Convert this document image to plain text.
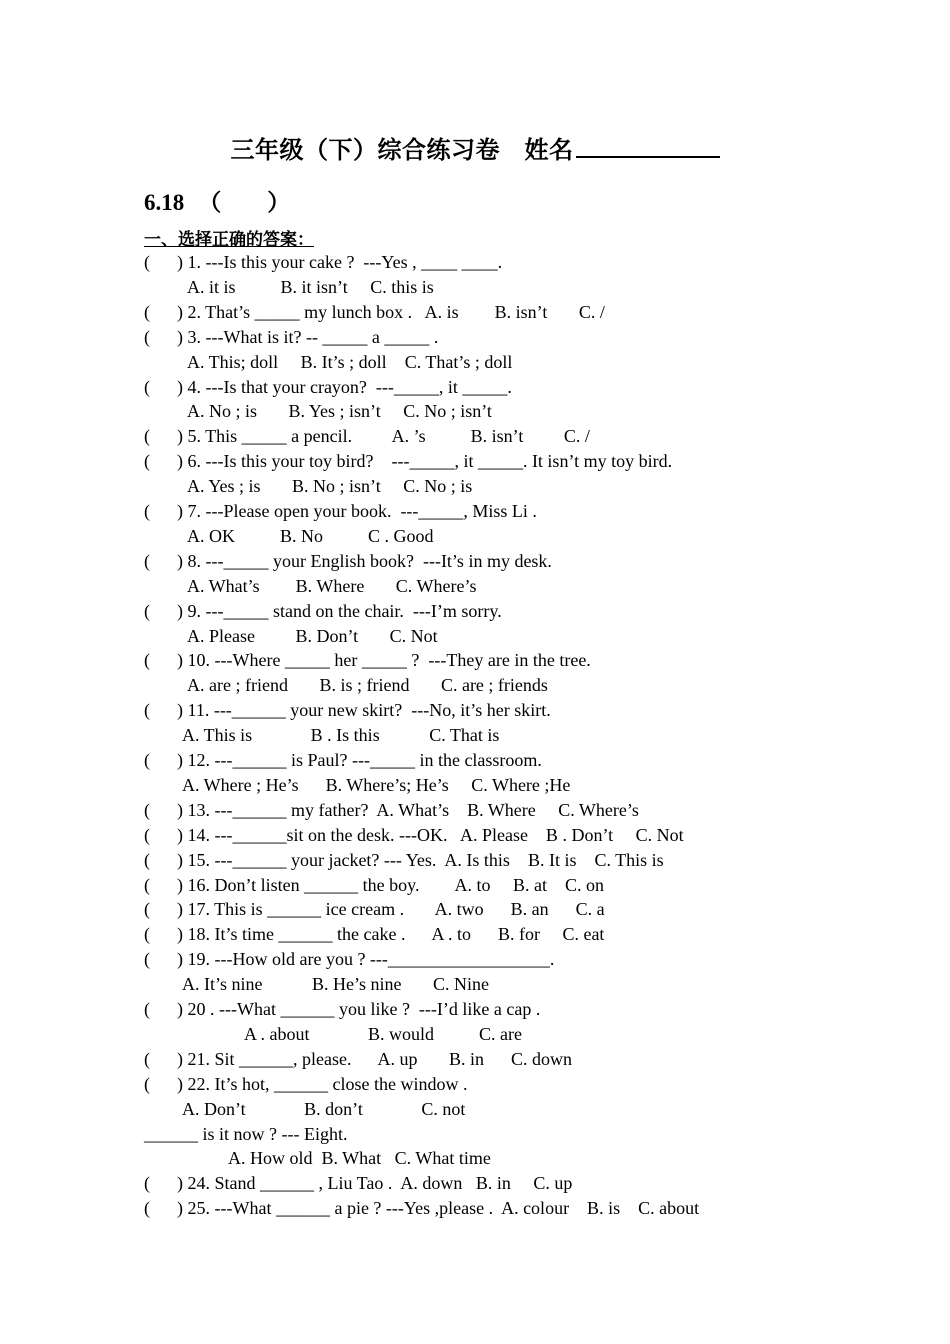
三年级（下）综合练习卷　姓名
6.18 （　　）
一、选择正确的答案：
(      ) 1. ---Is this your cake ?  ---Yes , ____ ____.
A. it is          B. it isn’t     C. this is
(      ) 2. That’s _____ my lunch box .   A. is        B. isn’t       C. /
(      ) 3. ---What is it? -- _____ a _____ .
A. This; doll     B. It’s ; doll    C. That’s ; doll
(      ) 4. ---Is that your crayon?  ---_____, it _____.
A. No ; is       B. Yes ; isn’t     C. No ; isn’t
(      ) 5. This _____ a pencil.         A. ’s          B. isn’t         C. /
(      ) 6. ---Is this your toy bird?    ---_____, it _____. It isn’t my toy bird.
A. Yes ; is       B. No ; isn’t     C. No ; is
(      ) 7. ---Please open your book.  ---_____, Miss Li .
A. OK          B. No          C . Good
(      ) 8. ---_____ your English book?  ---It’s in my desk.
A. What’s        B. Where       C. Where’s
(      ) 9. ---_____ stand on the chair.  ---I’m sorry.
A. Please         B. Don’t       C. Not
(      ) 10. ---Where _____ her _____ ?  ---They are in the tree.
A. are ; friend       B. is ; friend       C. are ; friends
(      ) 11. ---______ your new skirt?  ---No, it’s her skirt.
A. This is             B . Is this           C. That is
(      ) 12. ---______ is Paul? ---_____ in the classroom.
A. Where ; He’s      B. Where’s; He’s     C. Where ;He
(      ) 13. ---______ my father?  A. What’s    B. Where     C. Where’s
(      ) 14. ---______sit on the desk. ---OK.   A. Please    B . Don’t     C. Not
(      ) 15. ---______ your jacket? --- Yes.  A. Is this    B. It is    C. This is
(      ) 16. Don’t listen ______ the boy.        A. to     B. at    C. on
(      ) 17. This is ______ ice cream .       A. two      B. an      C. a
(      ) 18. It’s time ______ the cake .      A . to      B. for     C. eat
(      ) 19. ---How old are you ? ---__________________.
A. It’s nine           B. He’s nine       C. Nine
(      ) 20 . ---What ______ you like ?  ---I’d like a cap .
A . about             B. would          C. are
(      ) 21. Sit ______, please.      A. up       B. in      C. down
(      ) 22. It’s hot, ______ close the window .
A. Don’t             B. don’t             C. not
______ is it now ? --- Eight.
A. How old  B. What   C. What time
(      ) 24. Stand ______ , Liu Tao .  A. down   B. in     C. up
(      ) 25. ---What ______ a pie ? ---Yes ,please .  A. colour    B. is    C. about
